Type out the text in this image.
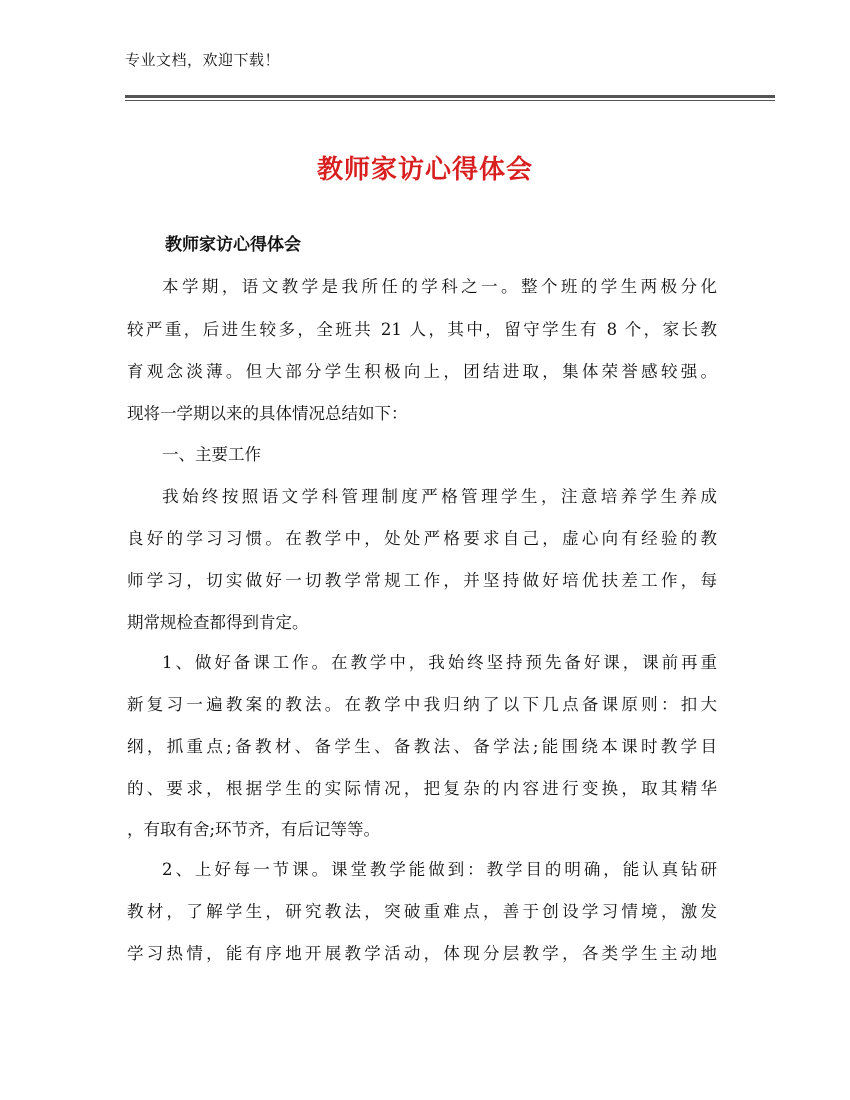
专业文档，欢迎下载！
教师家访心得体会
教师家访心得体会
本学期，语文教学是我所任的学科之一。整个班的学生两极分化
较严重，后进生较多，全班共 21 人，其中，留守学生有 8 个，家长教
育观念淡薄。但大部分学生积极向上，团结进取，集体荣誉感较强。
现将一学期以来的具体情况总结如下：
一、主要工作
我始终按照语文学科管理制度严格管理学生，注意培养学生养成
良好的学习习惯。在教学中，处处严格要求自己，虚心向有经验的教
师学习，切实做好一切教学常规工作，并坚持做好培优扶差工作，每
期常规检查都得到肯定。
1、做好备课工作。在教学中，我始终坚持预先备好课，课前再重
新复习一遍教案的教法。在教学中我归纳了以下几点备课原则：扣大
纲，抓重点;备教材、备学生、备教法、备学法;能围绕本课时教学目
的、要求，根据学生的实际情况，把复杂的内容进行变换，取其精华
，有取有舍;环节齐，有后记等等。
2、上好每一节课。课堂教学能做到：教学目的明确，能认真钻研
教材，了解学生，研究教法，突破重难点，善于创设学习情境，激发
学习热情，能有序地开展教学活动，体现分层教学，各类学生主动地
